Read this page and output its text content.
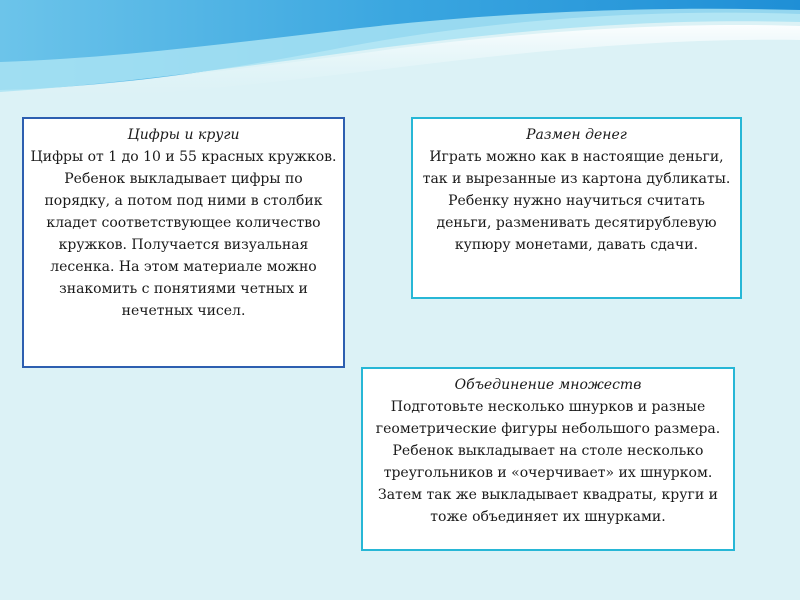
Цифры и круги
Цифры от 1 до 10 и 55 красных кружков. Ребенок выкладывает цифры по порядку, а потом под ними в столбик кладет соответствующее количество кружков. Получается визуальная лесенка. На этом материале можно знакомить с понятиями четных и нечетных чисел.
Размен денег
Играть можно как в настоящие деньги, так и вырезанные из картона дубликаты. Ребенку нужно научиться считать деньги, разменивать десятирублевую купюру монетами, давать сдачи.
Объединение множеств
Подготовьте несколько шнурков и разные геометрические фигуры небольшого размера. Ребенок выкладывает на столе несколько треугольников и «очерчивает» их шнурком. Затем так же выкладывает квадраты, круги и тоже объединяет их шнурками.
